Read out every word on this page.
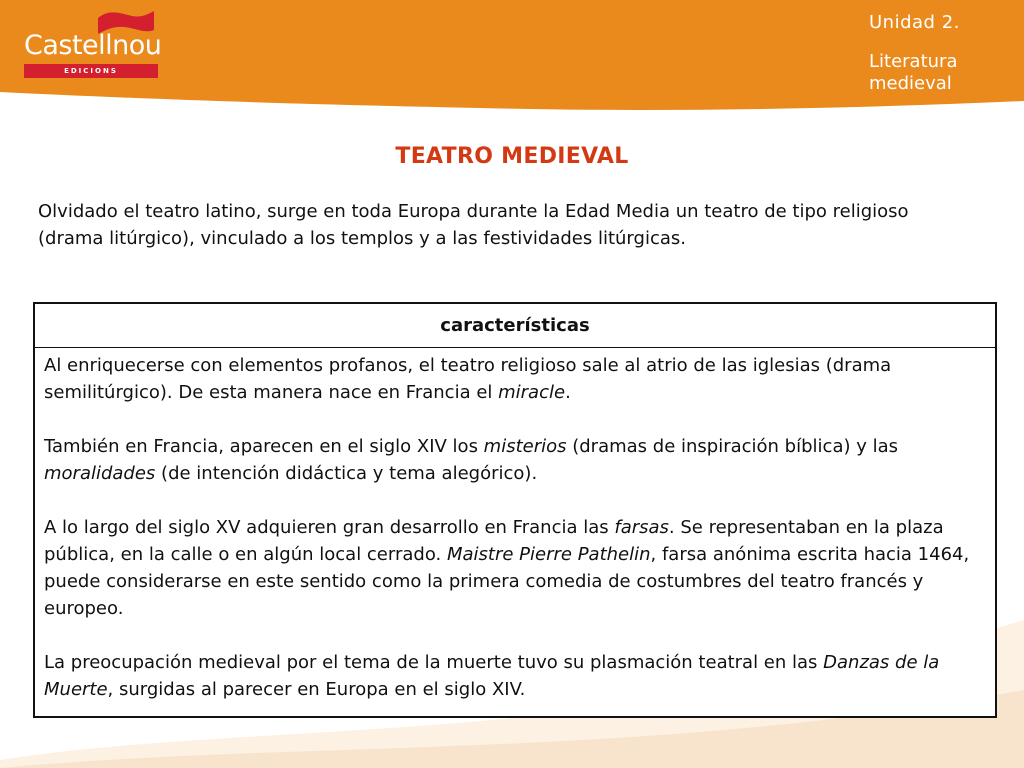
Castellnou
EDICIONS
Unidad 2.
Literatura medieval
TEATRO MEDIEVAL

Olvidado el teatro latino, surge en toda Europa durante la Edad Media un teatro de tipo religioso (drama litúrgico), vinculado a los templos y a las festividades litúrgicas.

características

Al enriquecerse con elementos profanos, el teatro religioso sale al atrio de las iglesias (drama semilitúrgico). De esta manera nace en Francia el miracle.

También en Francia, aparecen en el siglo XIV los misterios (dramas de inspiración bíblica) y las moralidades (de intención didáctica y tema alegórico).

A lo largo del siglo XV adquieren gran desarrollo en Francia las farsas. Se representaban en la plaza pública, en la calle o en algún local cerrado. Maistre Pierre Pathelin, farsa anónima escrita hacia 1464, puede considerarse en este sentido como la primera comedia de costumbres del teatro francés y europeo.

La preocupación medieval por el tema de la muerte tuvo su plasmación teatral en las Danzas de la Muerte, surgidas al parecer en Europa en el siglo XIV.
